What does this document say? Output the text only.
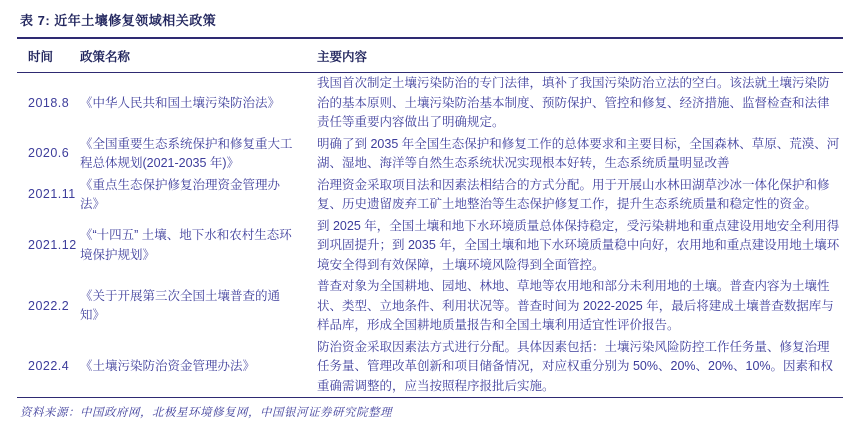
表 7: 近年土壤修复领域相关政策
时间	政策名称	主要内容
2018.8	《中华人民共和国土壤污染防治法》	我国首次制定土壤污染防治的专门法律，填补了我国污染防治立法的空白。该法就土壤污染防治的基本原则、土壤污染防治基本制度、预防保护、管控和修复、经济措施、监督检查和法律责任等重要内容做出了明确规定。
2020.6	《全国重要生态系统保护和修复重大工程总体规划(2021-2035 年)》	明确了到 2035 年全国生态保护和修复工作的总体要求和主要目标，全国森林、草原、荒漠、河湖、湿地、海洋等自然生态系统状况实现根本好转，生态系统质量明显改善
2021.11	《重点生态保护修复治理资金管理办法》	治理资金采取项目法和因素法相结合的方式分配。用于开展山水林田湖草沙冰一体化保护和修复、历史遗留废弃工矿土地整治等生态保护修复工作，提升生态系统质量和稳定性的资金。
2021.12	《“十四五” 土壤、地下水和农村生态环境保护规划》	到 2025 年，全国土壤和地下水环境质量总体保持稳定，受污染耕地和重点建设用地安全利用得到巩固提升；到 2035 年，全国土壤和地下水环境质量稳中向好，农用地和重点建设用地土壤环境安全得到有效保障，土壤环境风险得到全面管控。
2022.2	《关于开展第三次全国土壤普查的通知》	普查对象为全国耕地、园地、林地、草地等农用地和部分未利用地的土壤。普查内容为土壤性状、类型、立地条件、利用状况等。普查时间为 2022-2025 年，最后将建成土壤普查数据库与样品库，形成全国耕地质量报告和全国土壤利用适宜性评价报告。
2022.4	《土壤污染防治资金管理办法》	防治资金采取因素法方式进行分配。具体因素包括：土壤污染风险防控工作任务量、修复治理任务量、管理改革创新和项目储备情况，对应权重分别为 50%、20%、20%、10%。因素和权重确需调整的，应当按照程序报批后实施。
资料来源：中国政府网，北极星环境修复网，中国银河证券研究院整理
